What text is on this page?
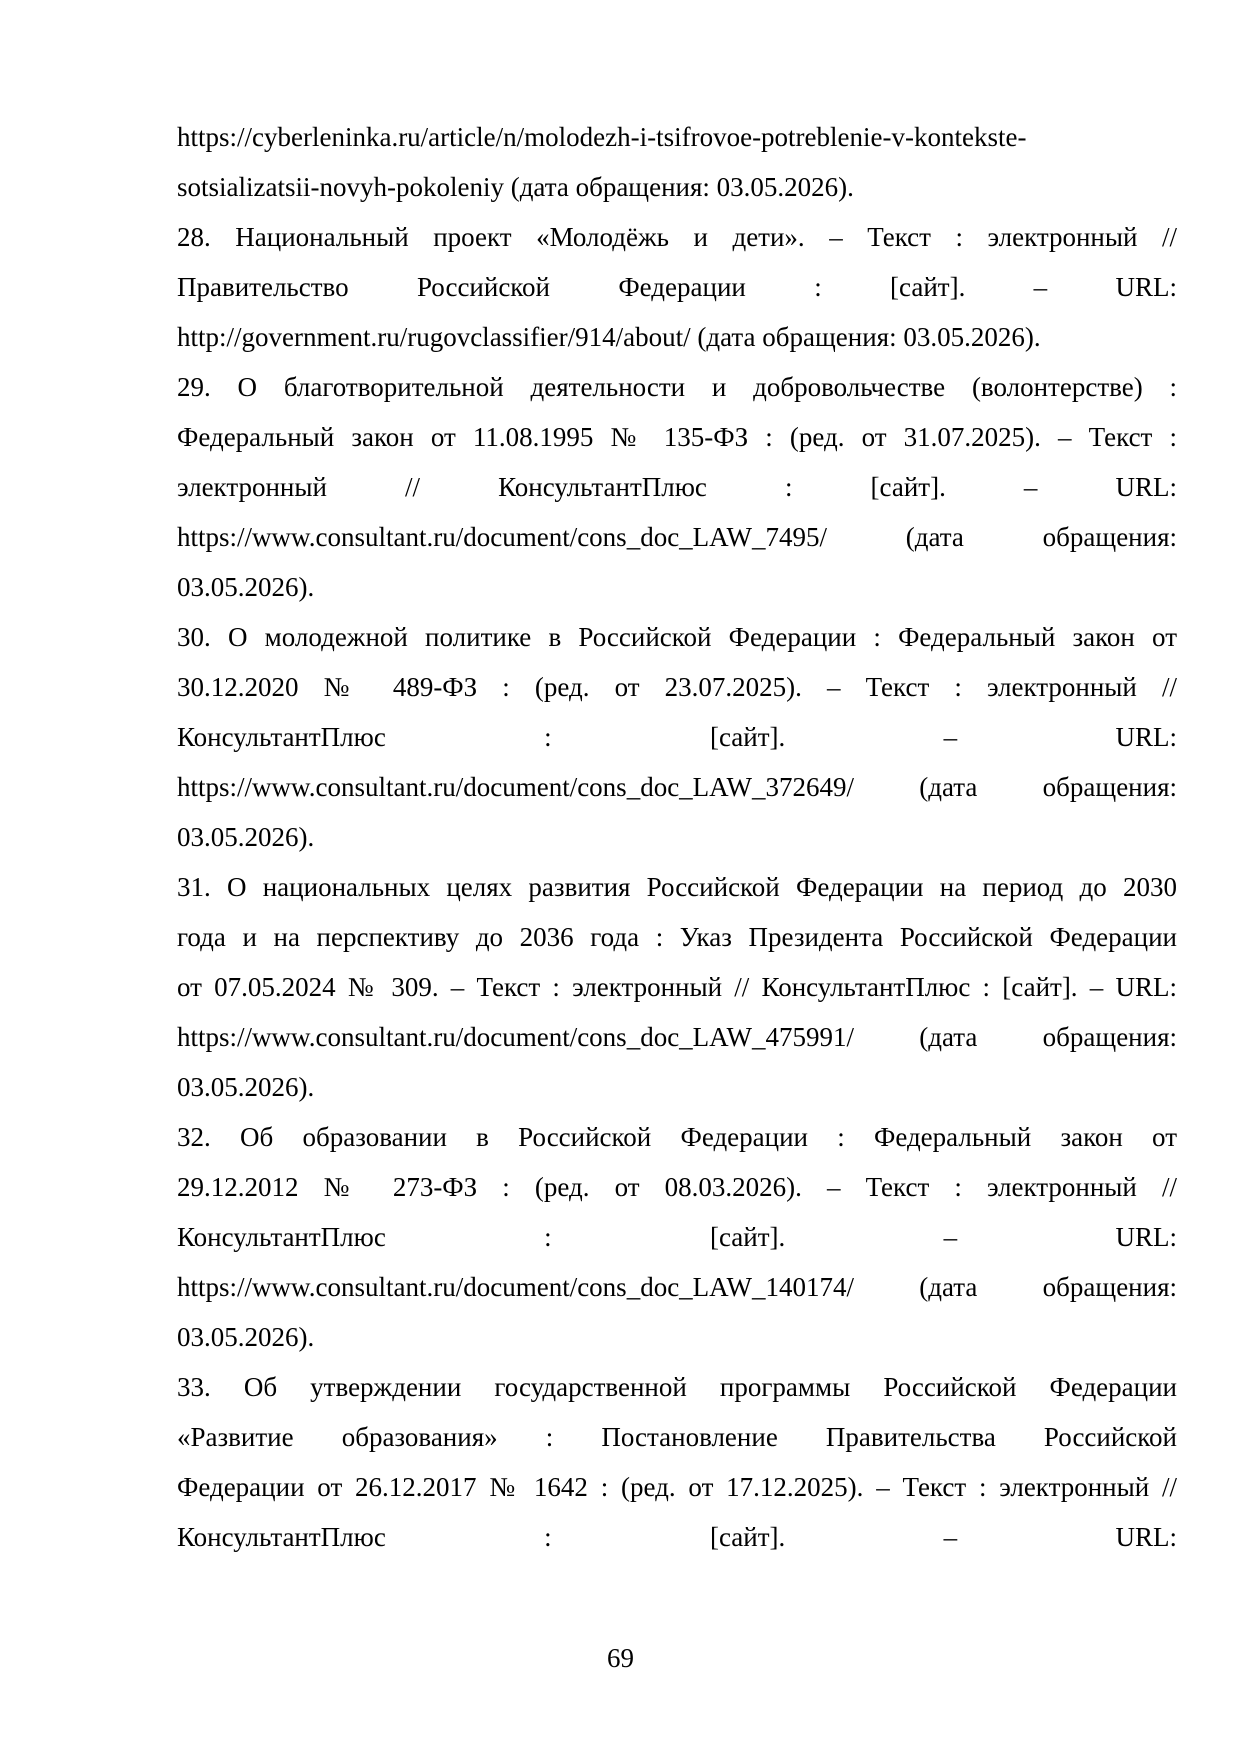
https://cyberleninka.ru/article/n/molodezh-i-tsifrovoe-potreblenie-v-kontekste-
sotsializatsii-novyh-pokoleniy (дата обращения: 03.05.2026).
28. Национальный проект «Молодёжь и дети». – Текст : электронный //
Правительство Российской Федерации : [сайт]. – URL:
http://government.ru/rugovclassifier/914/about/ (дата обращения: 03.05.2026).
29. О благотворительной деятельности и добровольчестве (волонтерстве) :
Федеральный закон от 11.08.1995 № 135-ФЗ : (ред. от 31.07.2025). – Текст :
электронный // КонсультантПлюс : [сайт]. – URL:
https://www.consultant.ru/document/cons_doc_LAW_7495/ (дата обращения:
03.05.2026).
30. О молодежной политике в Российской Федерации : Федеральный закон от
30.12.2020 № 489-ФЗ : (ред. от 23.07.2025). – Текст : электронный //
КонсультантПлюс : [сайт]. – URL:
https://www.consultant.ru/document/cons_doc_LAW_372649/ (дата обращения:
03.05.2026).
31. О национальных целях развития Российской Федерации на период до 2030
года и на перспективу до 2036 года : Указ Президента Российской Федерации
от 07.05.2024 № 309. – Текст : электронный // КонсультантПлюс : [сайт]. – URL:
https://www.consultant.ru/document/cons_doc_LAW_475991/ (дата обращения:
03.05.2026).
32. Об образовании в Российской Федерации : Федеральный закон от
29.12.2012 № 273-ФЗ : (ред. от 08.03.2026). – Текст : электронный //
КонсультантПлюс : [сайт]. – URL:
https://www.consultant.ru/document/cons_doc_LAW_140174/ (дата обращения:
03.05.2026).
33. Об утверждении государственной программы Российской Федерации
«Развитие образования» : Постановление Правительства Российской
Федерации от 26.12.2017 № 1642 : (ред. от 17.12.2025). – Текст : электронный //
КонсультантПлюс : [сайт]. – URL:
69
